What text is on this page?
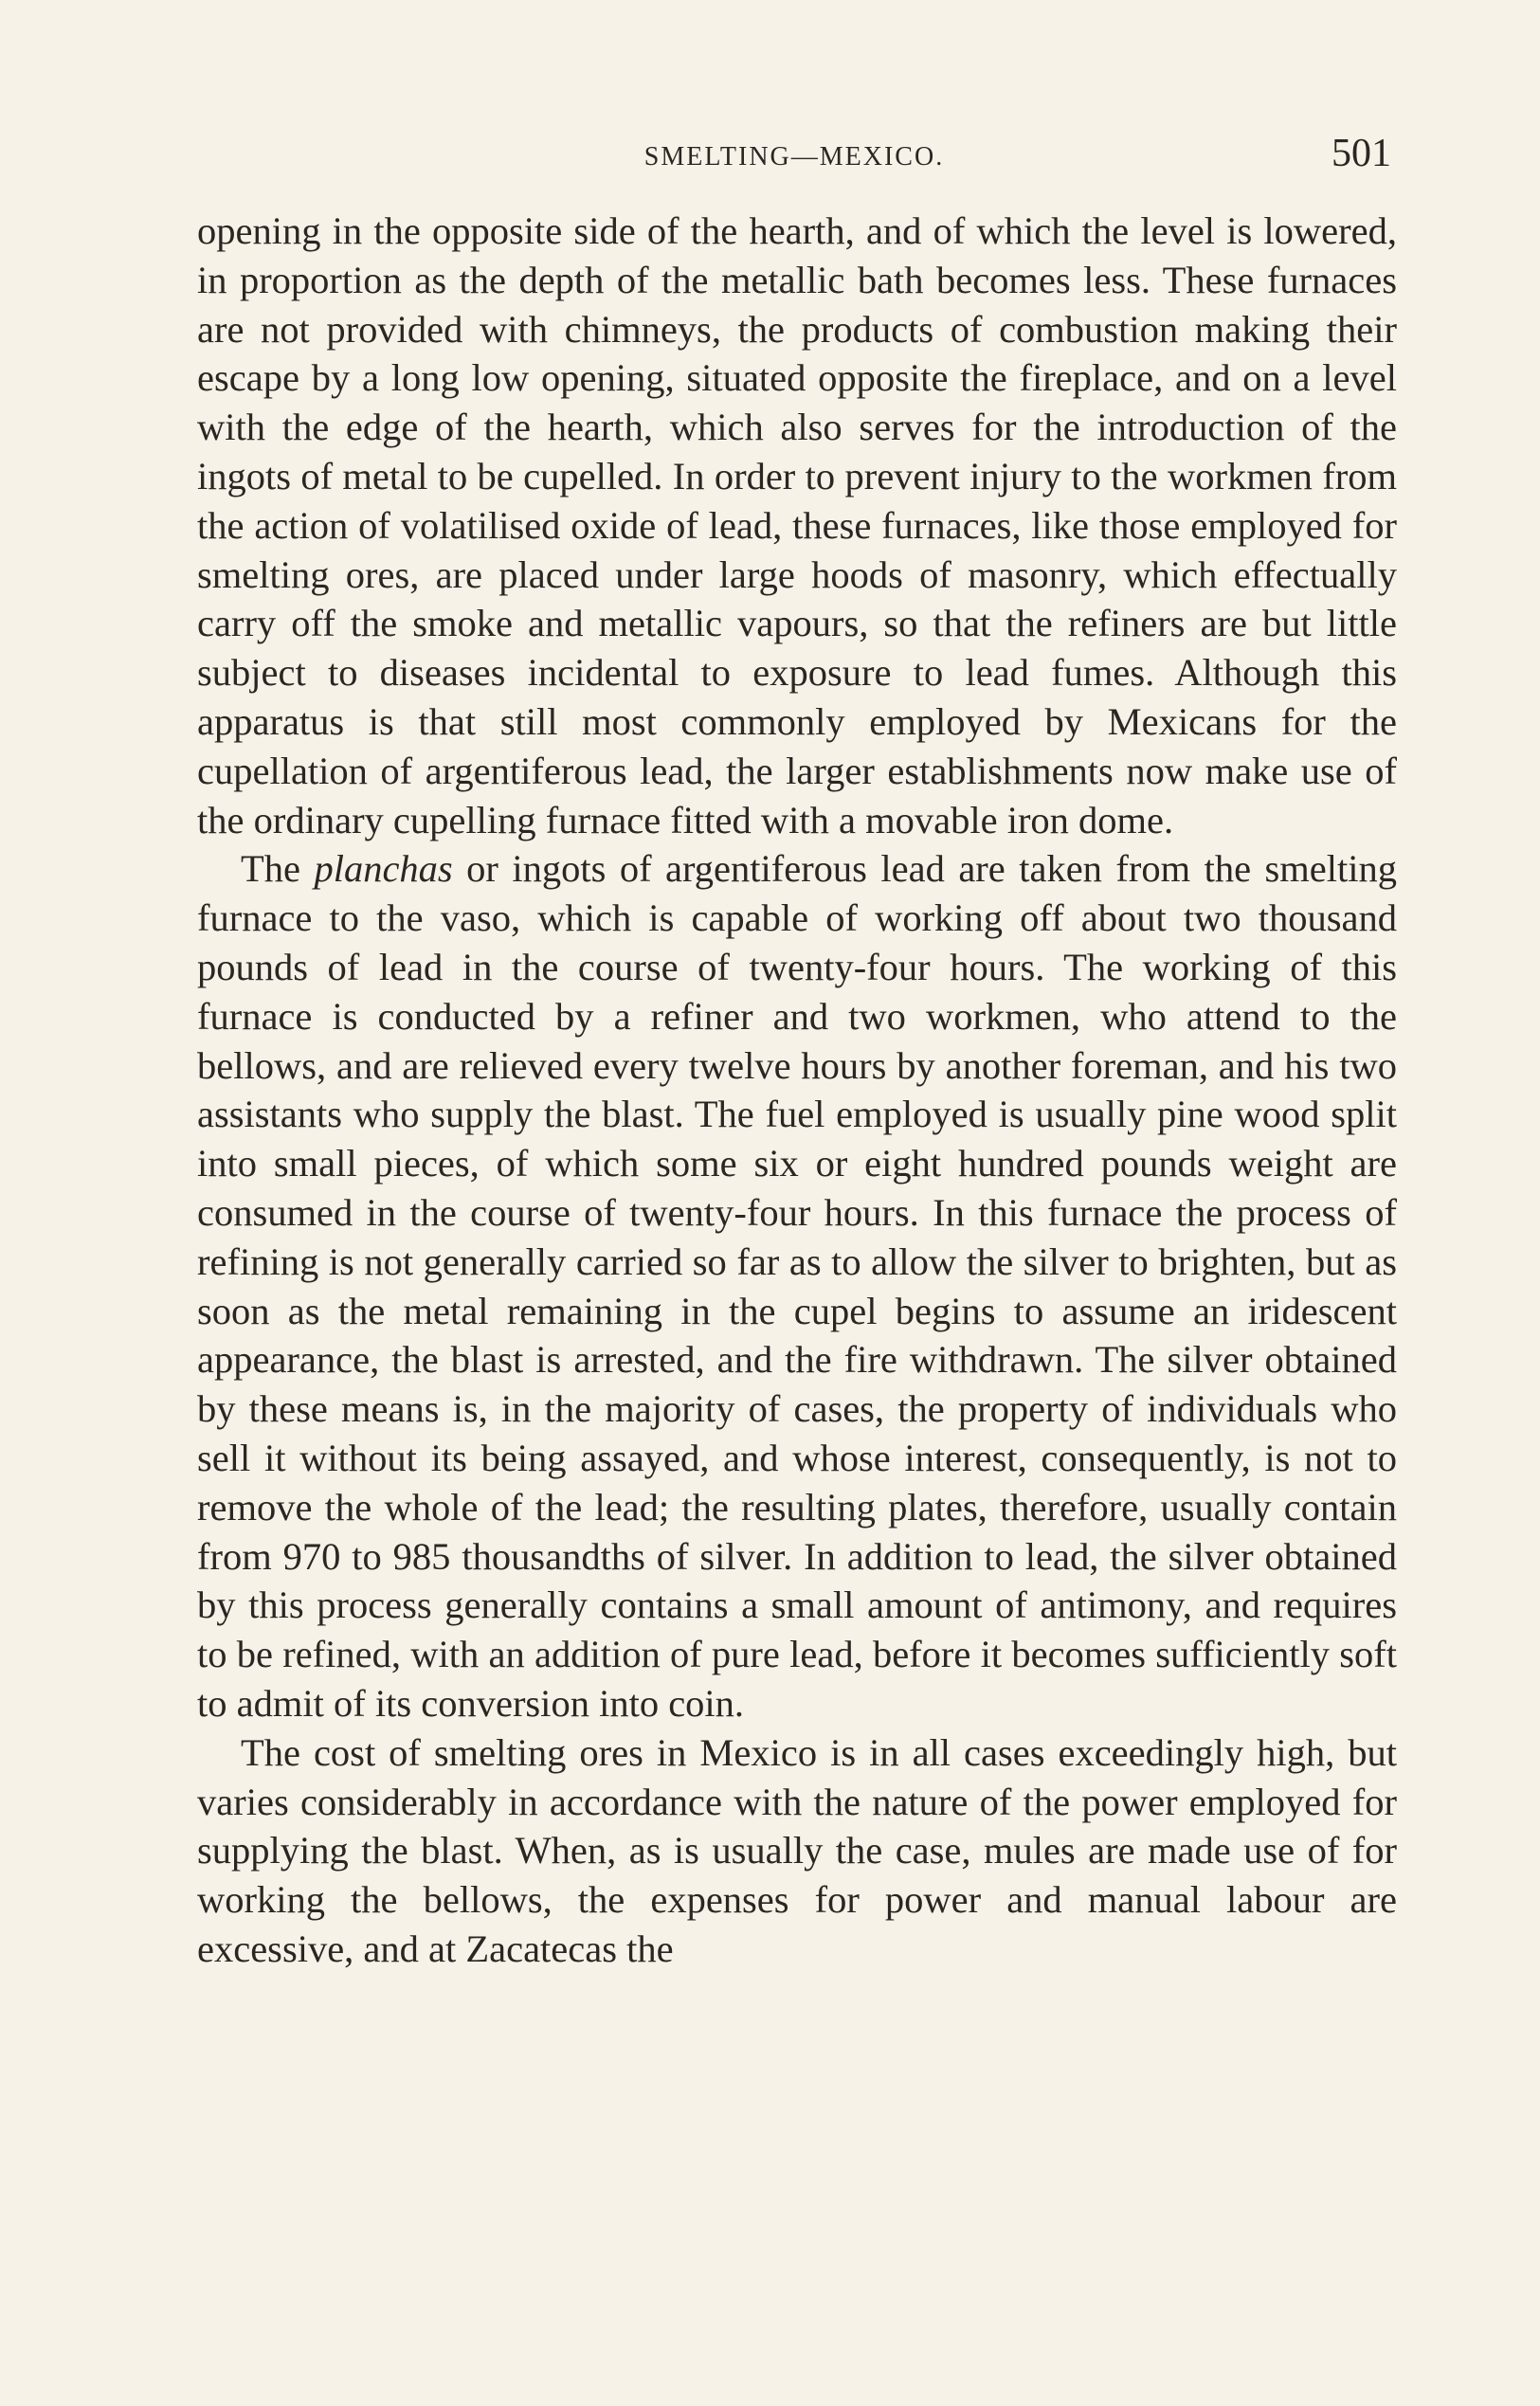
SMELTING—MEXICO.	501

opening in the opposite side of the hearth, and of which the level is lowered, in proportion as the depth of the metallic bath becomes less. These furnaces are not provided with chimneys, the products of combustion making their escape by a long low opening, situated opposite the fireplace, and on a level with the edge of the hearth, which also serves for the introduction of the ingots of metal to be cupelled. In order to prevent injury to the workmen from the action of volatilised oxide of lead, these furnaces, like those employed for smelting ores, are placed under large hoods of masonry, which effectually carry off the smoke and metallic vapours, so that the refiners are but little subject to diseases incidental to exposure to lead fumes. Although this apparatus is that still most commonly employed by Mexicans for the cupellation of argentiferous lead, the larger establishments now make use of the ordinary cupelling furnace fitted with a movable iron dome.

The planchas or ingots of argentiferous lead are taken from the smelting furnace to the vaso, which is capable of working off about two thousand pounds of lead in the course of twenty-four hours. The working of this furnace is conducted by a refiner and two workmen, who attend to the bellows, and are relieved every twelve hours by another foreman, and his two assistants who supply the blast. The fuel employed is usually pine wood split into small pieces, of which some six or eight hundred pounds weight are consumed in the course of twenty-four hours. In this furnace the process of refining is not generally carried so far as to allow the silver to brighten, but as soon as the metal remaining in the cupel begins to assume an iridescent appearance, the blast is arrested, and the fire withdrawn. The silver obtained by these means is, in the majority of cases, the property of individuals who sell it without its being assayed, and whose interest, consequently, is not to remove the whole of the lead; the resulting plates, therefore, usually contain from 970 to 985 thousandths of silver. In addition to lead, the silver obtained by this process generally contains a small amount of antimony, and requires to be refined, with an addition of pure lead, before it becomes sufficiently soft to admit of its conversion into coin.

The cost of smelting ores in Mexico is in all cases exceedingly high, but varies considerably in accordance with the nature of the power employed for supplying the blast. When, as is usually the case, mules are made use of for working the bellows, the expenses for power and manual labour are excessive, and at Zacatecas the
